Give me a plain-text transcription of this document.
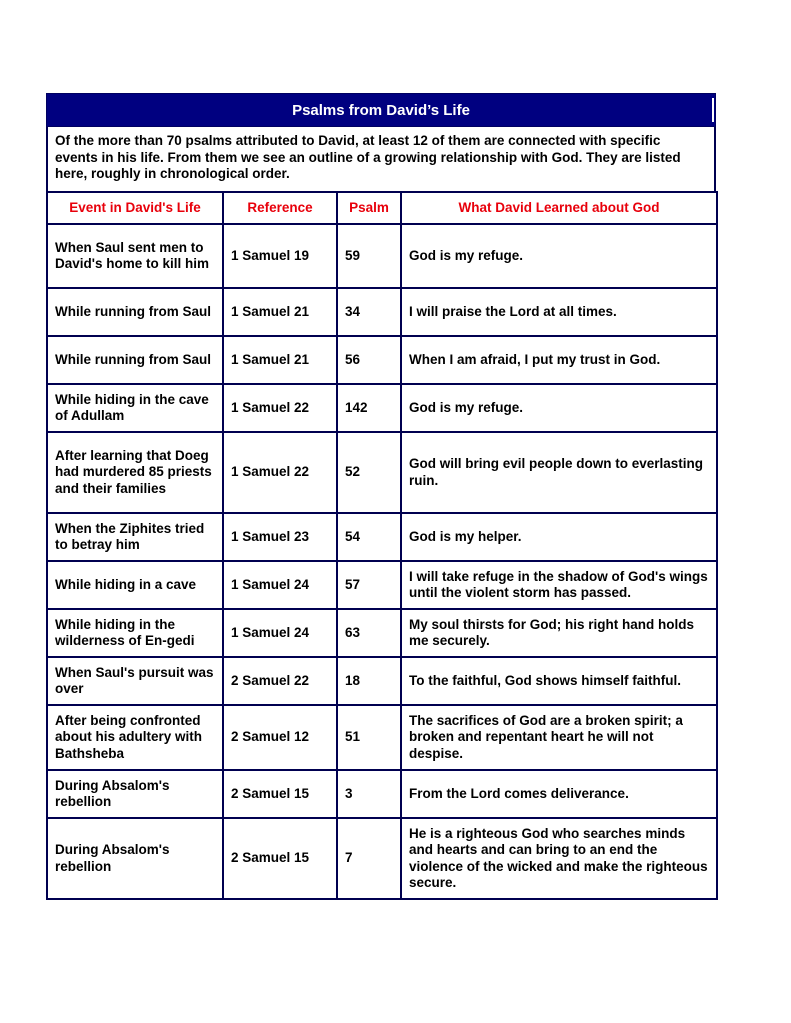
Psalms from David’s Life
Of the more than 70 psalms attributed to David, at least 12 of them are connected with specific events in his life. From them we see an outline of a growing relationship with God. They are listed here, roughly in chronological order.
Event in David's Life	Reference	Psalm	What David Learned about God
When Saul sent men to David's home to kill him	1 Samuel 19	59	God is my refuge.
While running from Saul	1 Samuel 21	34	I will praise the Lord at all times.
While running from Saul	1 Samuel 21	56	When I am afraid, I put my trust in God.
While hiding in the cave of Adullam	1 Samuel 22	142	God is my refuge.
After learning that Doeg had murdered 85 priests and their families	1 Samuel 22	52	God will bring evil people down to everlasting ruin.
When the Ziphites tried to betray him	1 Samuel 23	54	God is my helper.
While hiding in a cave	1 Samuel 24	57	I will take refuge in the shadow of God's wings until the violent storm has passed.
While hiding in the wilderness of En-gedi	1 Samuel 24	63	My soul thirsts for God; his right hand holds me securely.
When Saul's pursuit was over	2 Samuel 22	18	To the faithful, God shows himself faithful.
After being confronted about his adultery with Bathsheba	2 Samuel 12	51	The sacrifices of God are a broken spirit; a broken and repentant heart he will not despise.
During Absalom's rebellion	2 Samuel 15	3	From the Lord comes deliverance.
During Absalom's rebellion	2 Samuel 15	7	He is a righteous God who searches minds and hearts and can bring to an end the violence of the wicked and make the righteous secure.
